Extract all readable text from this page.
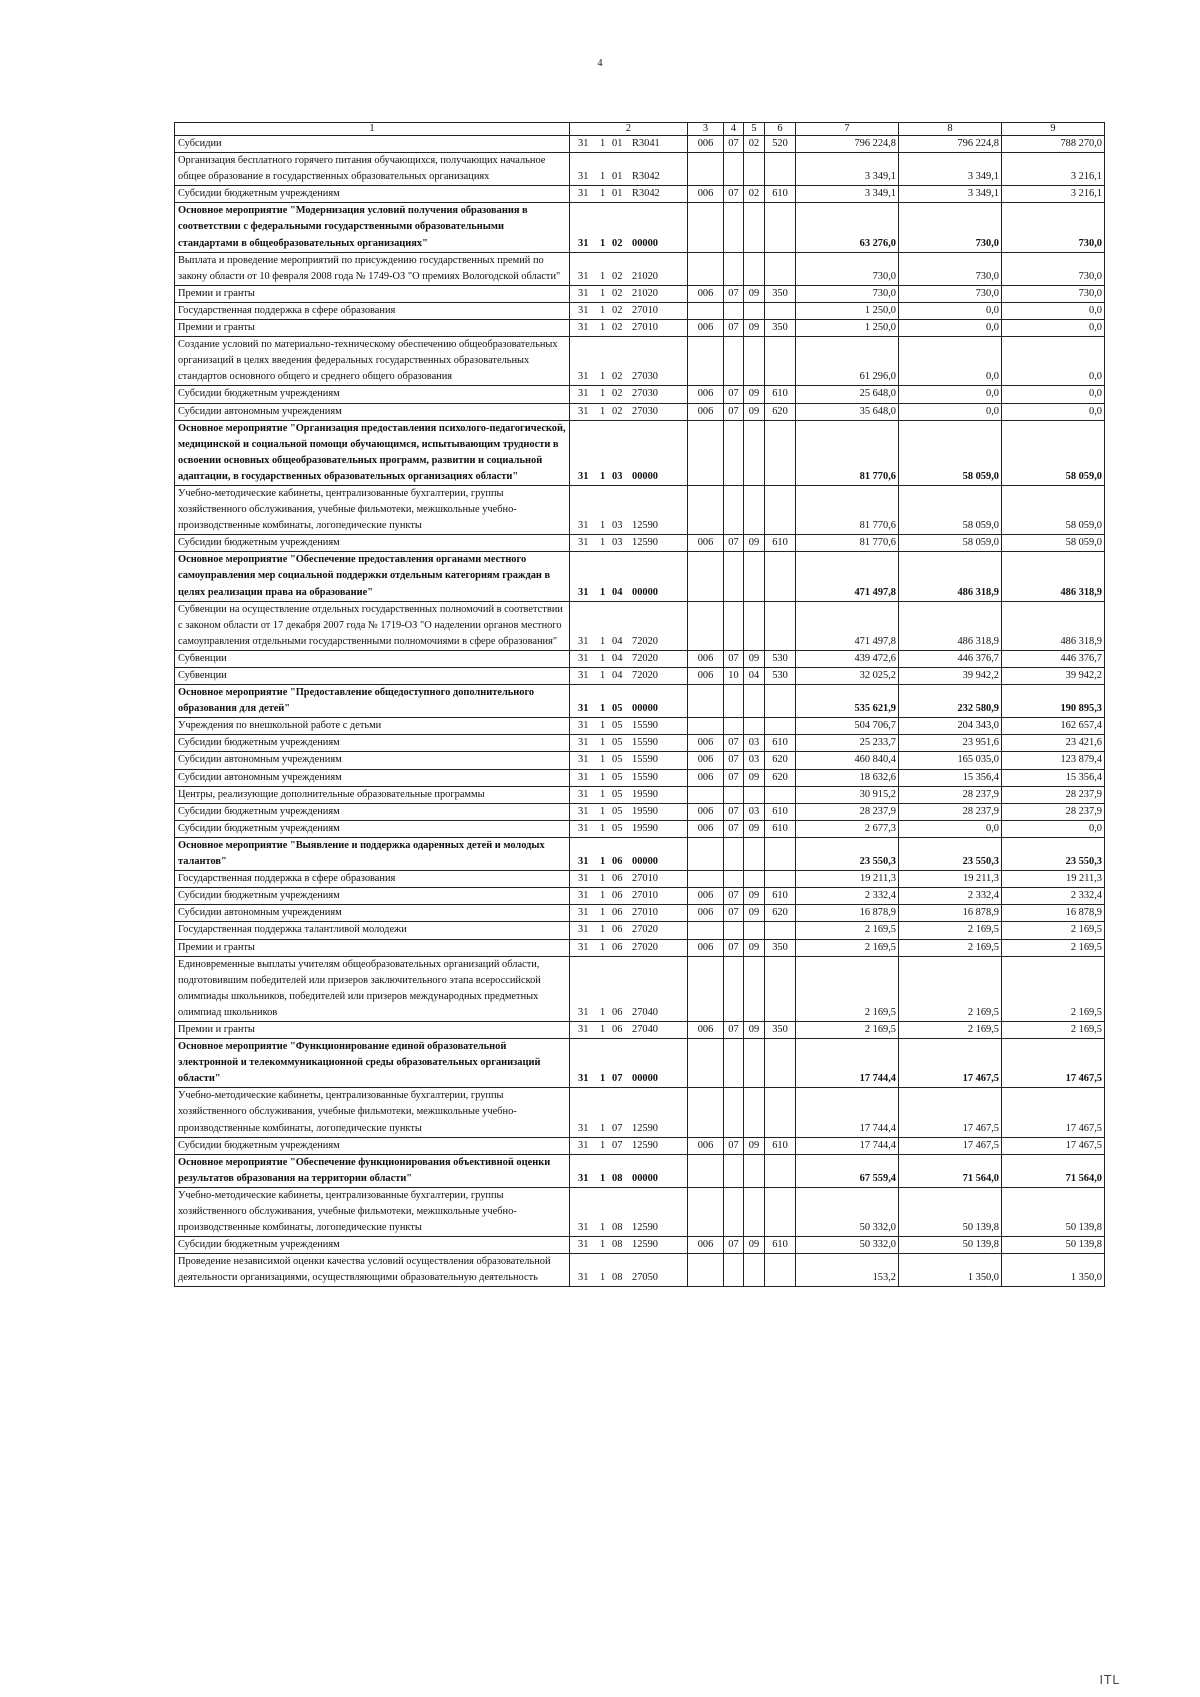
4
1	2	3	4	5	6	7	8	9
Субсидии	31 1 01 R3041	006	07	02	520	796 224,8	796 224,8	788 270,0
Организация бесплатного горячего питания обучающихся, получающих начальное общее образование в государственных образовательных организациях	31 1 01 R3042					3 349,1	3 349,1	3 216,1
Субсидии бюджетным учреждениям	31 1 01 R3042	006	07	02	610	3 349,1	3 349,1	3 216,1
Основное мероприятие "Модернизация условий получения образования в соответствии с федеральными государственными образовательными стандартами в общеобразовательных организациях"	31 1 02 00000					63 276,0	730,0	730,0
Выплата и проведение мероприятий по присуждению государственных премий по закону области от 10 февраля 2008 года № 1749-ОЗ "О премиях Вологодской области"	31 1 02 21020					730,0	730,0	730,0
Премии и гранты	31 1 02 21020	006	07	09	350	730,0	730,0	730,0
Государственная поддержка в сфере образования	31 1 02 27010					1 250,0	0,0	0,0
Премии и гранты	31 1 02 27010	006	07	09	350	1 250,0	0,0	0,0
Создание условий по материально-техническому обеспечению общеобразовательных организаций в целях введения федеральных государственных образовательных стандартов основного общего и среднего общего образования	31 1 02 27030					61 296,0	0,0	0,0
Субсидии бюджетным учреждениям	31 1 02 27030	006	07	09	610	25 648,0	0,0	0,0
Субсидии автономным учреждениям	31 1 02 27030	006	07	09	620	35 648,0	0,0	0,0
Основное мероприятие "Организация предоставления психолого-педагогической, медицинской и социальной помощи обучающимся, испытывающим трудности в освоении основных общеобразовательных программ, развитии и социальной адаптации, в государственных образовательных организациях области"	31 1 03 00000					81 770,6	58 059,0	58 059,0
Учебно-методические кабинеты, централизованные бухгалтерии, группы хозяйственного обслуживания, учебные фильмотеки, межшкольные учебно-производственные комбинаты, логопедические пункты	31 1 03 12590					81 770,6	58 059,0	58 059,0
Субсидии бюджетным учреждениям	31 1 03 12590	006	07	09	610	81 770,6	58 059,0	58 059,0
Основное мероприятие "Обеспечение предоставления органами местного самоуправления мер социальной поддержки отдельным категориям граждан в целях реализации права на образование"	31 1 04 00000					471 497,8	486 318,9	486 318,9
Субвенции на осуществление отдельных государственных полномочий в соответствии с законом области от 17 декабря 2007 года № 1719-ОЗ "О наделении органов местного самоуправления отдельными государственными полномочиями в сфере образования"	31 1 04 72020					471 497,8	486 318,9	486 318,9
Субвенции	31 1 04 72020	006	07	09	530	439 472,6	446 376,7	446 376,7
Субвенции	31 1 04 72020	006	10	04	530	32 025,2	39 942,2	39 942,2
Основное мероприятие "Предоставление общедоступного дополнительного образования для детей"	31 1 05 00000					535 621,9	232 580,9	190 895,3
Учреждения по внешкольной работе с детьми	31 1 05 15590					504 706,7	204 343,0	162 657,4
Субсидии бюджетным учреждениям	31 1 05 15590	006	07	03	610	25 233,7	23 951,6	23 421,6
Субсидии автономным учреждениям	31 1 05 15590	006	07	03	620	460 840,4	165 035,0	123 879,4
Субсидии автономным учреждениям	31 1 05 15590	006	07	09	620	18 632,6	15 356,4	15 356,4
Центры, реализующие дополнительные образовательные программы	31 1 05 19590					30 915,2	28 237,9	28 237,9
Субсидии бюджетным учреждениям	31 1 05 19590	006	07	03	610	28 237,9	28 237,9	28 237,9
Субсидии бюджетным учреждениям	31 1 05 19590	006	07	09	610	2 677,3	0,0	0,0
Основное мероприятие "Выявление и поддержка одаренных детей и молодых талантов"	31 1 06 00000					23 550,3	23 550,3	23 550,3
Государственная поддержка в сфере образования	31 1 06 27010					19 211,3	19 211,3	19 211,3
Субсидии бюджетным учреждениям	31 1 06 27010	006	07	09	610	2 332,4	2 332,4	2 332,4
Субсидии автономным учреждениям	31 1 06 27010	006	07	09	620	16 878,9	16 878,9	16 878,9
Государственная поддержка талантливой молодежи	31 1 06 27020					2 169,5	2 169,5	2 169,5
Премии и гранты	31 1 06 27020	006	07	09	350	2 169,5	2 169,5	2 169,5
Единовременные выплаты учителям общеобразовательных организаций области, подготовившим победителей или призеров заключительного этапа всероссийской олимпиады школьников, победителей или призеров международных предметных олимпиад школьников	31 1 06 27040					2 169,5	2 169,5	2 169,5
Премии и гранты	31 1 06 27040	006	07	09	350	2 169,5	2 169,5	2 169,5
Основное мероприятие "Функционирование единой образовательной электронной и телекоммуникационной среды образовательных организаций области"	31 1 07 00000					17 744,4	17 467,5	17 467,5
Учебно-методические кабинеты, централизованные бухгалтерии, группы хозяйственного обслуживания, учебные фильмотеки, межшкольные учебно-производственные комбинаты, логопедические пункты	31 1 07 12590					17 744,4	17 467,5	17 467,5
Субсидии бюджетным учреждениям	31 1 07 12590	006	07	09	610	17 744,4	17 467,5	17 467,5
Основное мероприятие "Обеспечение функционирования объективной оценки результатов образования на территории области"	31 1 08 00000					67 559,4	71 564,0	71 564,0
Учебно-методические кабинеты, централизованные бухгалтерии, группы хозяйственного обслуживания, учебные фильмотеки, межшкольные учебно-производственные комбинаты, логопедические пункты	31 1 08 12590					50 332,0	50 139,8	50 139,8
Субсидии бюджетным учреждениям	31 1 08 12590	006	07	09	610	50 332,0	50 139,8	50 139,8
Проведение независимой оценки качества условий осуществления образовательной деятельности организациями, осуществляющими образовательную деятельность	31 1 08 27050					153,2	1 350,0	1 350,0
ITL
